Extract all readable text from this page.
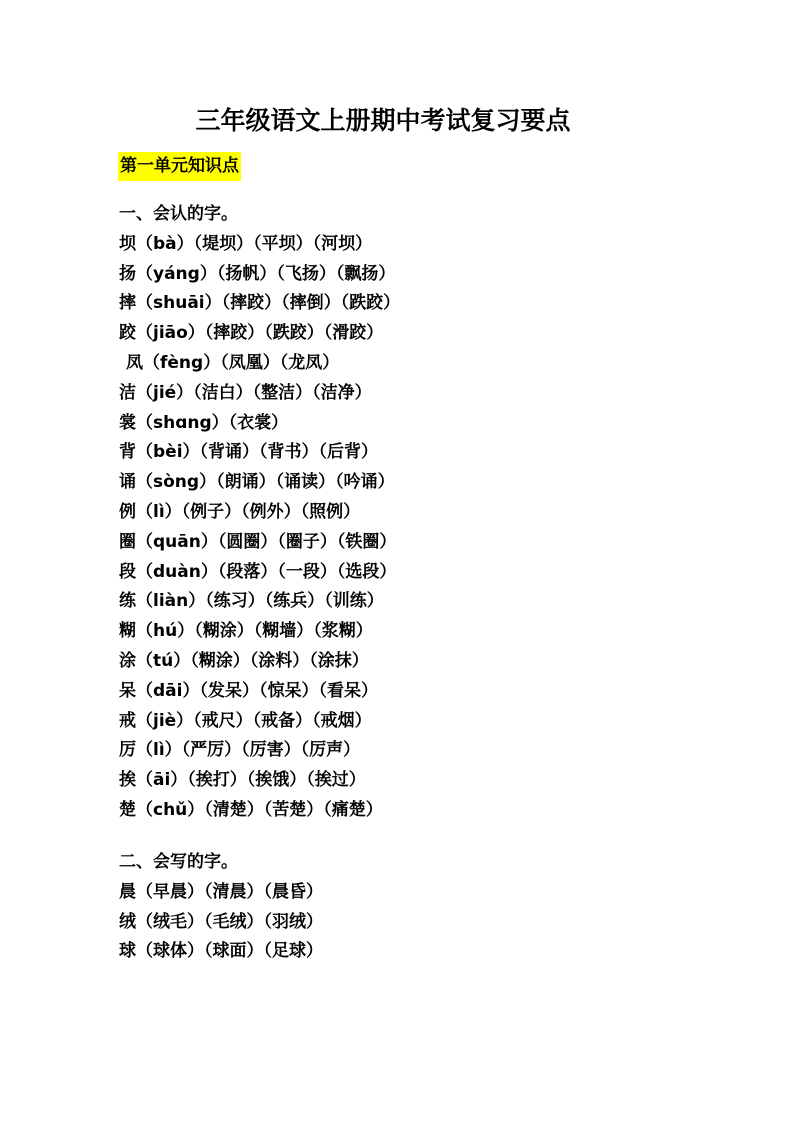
三年级语文上册期中考试复习要点
第一单元知识点
一、会认的字。
坝（bà）（堤坝）（平坝）（河坝）
扬（yáng）（扬帆）（飞扬）（飘扬）
摔（shuāi）（摔跤）（摔倒）（跌跤）
跤（jiāo）（摔跤）（跌跤）（滑跤）
凤（fèng）（凤凰）（龙凤）
洁（jié）（洁白）（整洁）（洁净）
裳（shɑng）（衣裳）
背（bèi）（背诵）（背书）（后背）
诵（sòng）（朗诵）（诵读）（吟诵）
例（lì）（例子）（例外）（照例）
圈（quān）（圆圈）（圈子）（铁圈）
段（duàn）（段落）（一段）（选段）
练（liàn）（练习）（练兵）（训练）
糊（hú）（糊涂）（糊墙）（浆糊）
涂（tú）（糊涂）（涂料）（涂抹）
呆（dāi）（发呆）（惊呆）（看呆）
戒（jiè）（戒尺）（戒备）（戒烟）
厉（lì）（严厉）（厉害）（厉声）
挨（āi）（挨打）（挨饿）（挨过）
楚（chǔ）（清楚）（苦楚）（痛楚）
二、会写的字。
晨（早晨）（清晨）（晨昏）
绒（绒毛）（毛绒）（羽绒）
球（球体）（球面）（足球）
